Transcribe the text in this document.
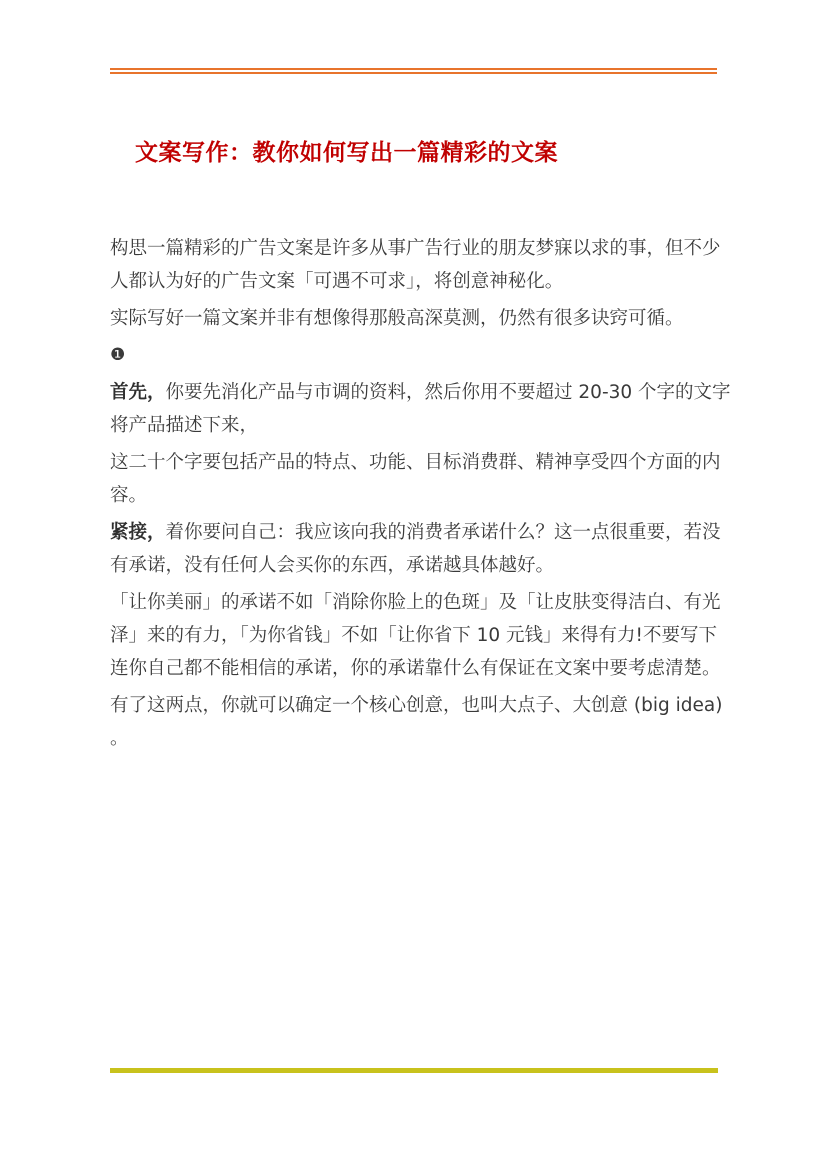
文案写作：教你如何写出一篇精彩的文案

构思一篇精彩的广告文案是许多从事广告行业的朋友梦寐以求的事，但不少人都认为好的广告文案「可遇不可求」，将创意神秘化。

实际写好一篇文案并非有想像得那般高深莫测，仍然有很多诀窍可循。

❶

首先，你要先消化产品与市调的资料，然后你用不要超过 20-30 个字的文字将产品描述下来，

这二十个字要包括产品的特点、功能、目标消费群、精神享受四个方面的内容。

紧接，着你要问自己：我应该向我的消费者承诺什么？这一点很重要，若没有承诺，没有任何人会买你的东西，承诺越具体越好。

「让你美丽」的承诺不如「消除你脸上的色斑」及「让皮肤变得洁白、有光泽」来的有力，「为你省钱」不如「让你省下 10 元钱」来得有力!不要写下连你自己都不能相信的承诺，你的承诺靠什么有保证在文案中要考虑清楚。

有了这两点，你就可以确定一个核心创意，也叫大点子、大创意 (big idea) 。
